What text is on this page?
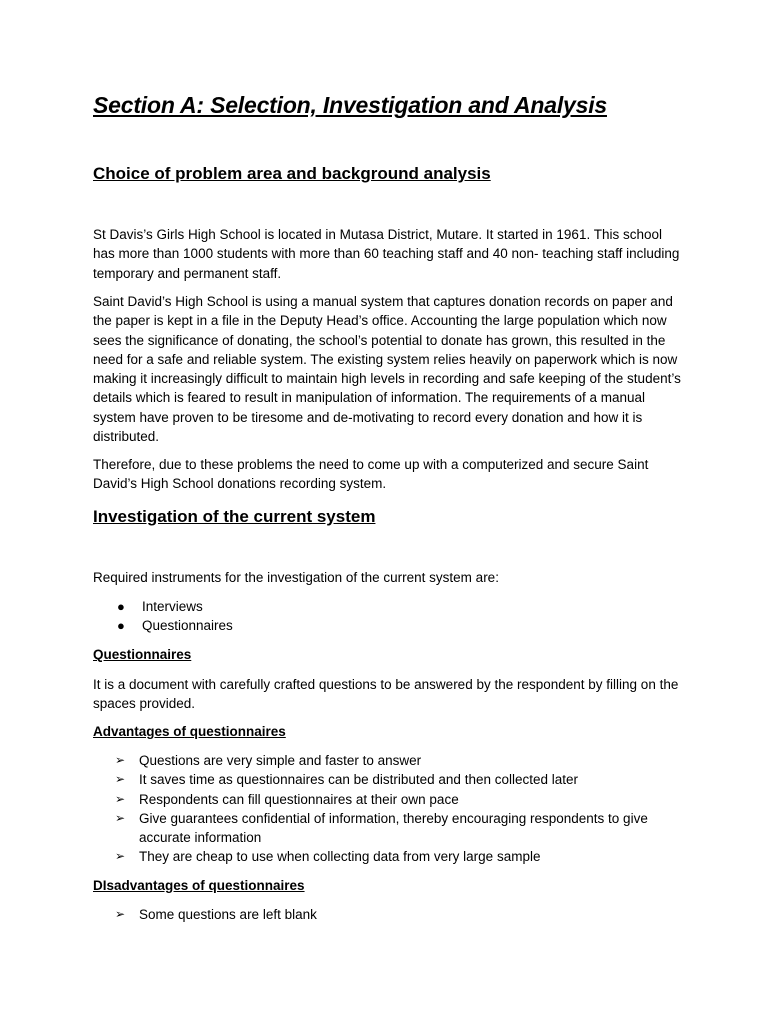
Section A: Selection, Investigation and Analysis
Choice of problem area and background analysis

St Davis’s Girls High School is located in Mutasa District, Mutare. It started in 1961. This school has more than 1000 students with more than 60 teaching staff and 40 non- teaching staff including temporary and permanent staff.

Saint David’s High School is using a manual system that captures donation records on paper and the paper is kept in a file in the Deputy Head’s office. Accounting the large population which now sees the significance of donating, the school’s potential to donate has grown, this resulted in the need for a safe and reliable system. The existing system relies heavily on paperwork which is now making it increasingly difficult to maintain high levels in recording and safe keeping of the student’s details which is feared to result in manipulation of information. The requirements of a manual system have proven to be tiresome and de-motivating to record every donation and how it is distributed.

Therefore, due to these problems the need to come up with a computerized and secure Saint David’s High School donations recording system.

Investigation of the current system

Required instruments for the investigation of the current system are:

● Interviews
● Questionnaires
Questionnaires

It is a document with carefully crafted questions to be answered by the respondent by filling on the spaces provided.

Advantages of questionnaires
➢ Questions are very simple and faster to answer
➢ It saves time as questionnaires can be distributed and then collected later
➢ Respondents can fill questionnaires at their own pace
➢ Give guarantees confidential of information, thereby encouraging respondents to give accurate information
➢ They are cheap to use when collecting data from very large sample
DIsadvantages of questionnaires
➢ Some questions are left blank
